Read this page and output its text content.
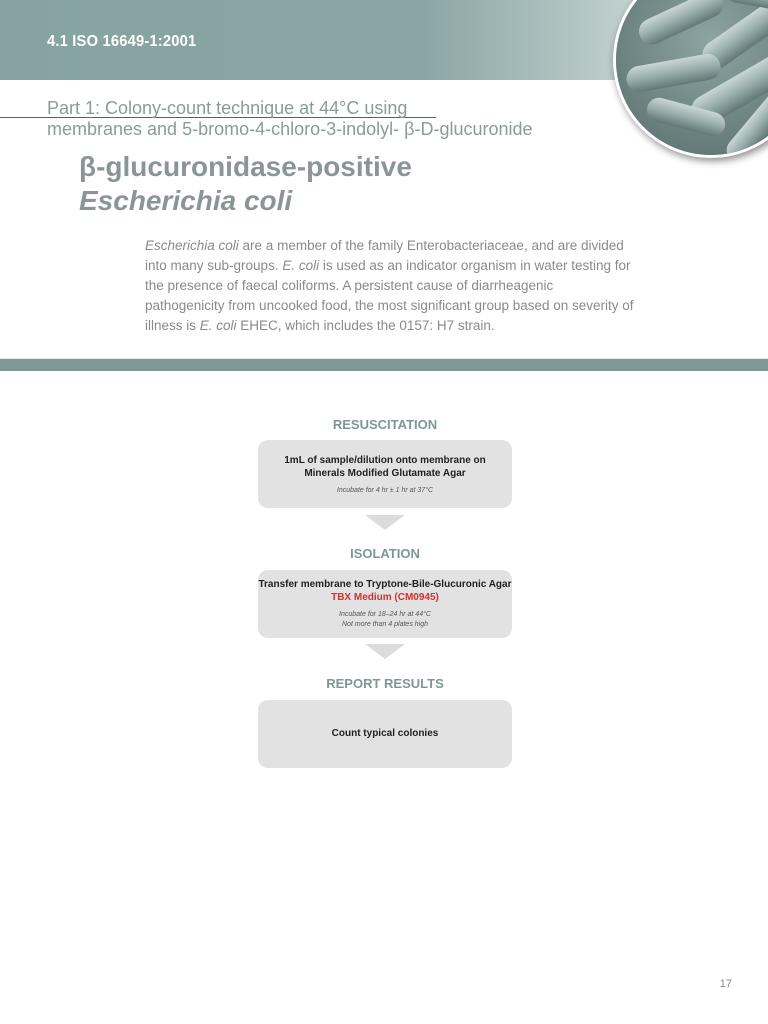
4.1 ISO 16649-1:2001
Part 1: Colony-count technique at 44°C using
membranes and 5-bromo-4-chloro-3-indolyl- β-D-glucuronide
β-glucuronidase-positive
Escherichia coli
Escherichia coli are a member of the family Enterobacteriaceae, and are divided into many sub-groups. E. coli is used as an indicator organism in water testing for the presence of faecal coliforms. A persistent cause of diarrheagenic pathogenicity from uncooked food, the most significant group based on severity of illness is E. coli EHEC, which includes the 0157: H7 strain.
RESUSCITATION
1mL of sample/dilution onto membrane on
Minerals Modified Glutamate Agar
Incubate for 4 hr ± 1 hr at 37°C
ISOLATION
Transfer membrane to Tryptone-Bile-Glucuronic Agar
TBX Medium (CM0945)
Incubate for 18–24 hr at 44°C
Not more than 4 plates high
REPORT RESULTS
Count typical colonies
17
